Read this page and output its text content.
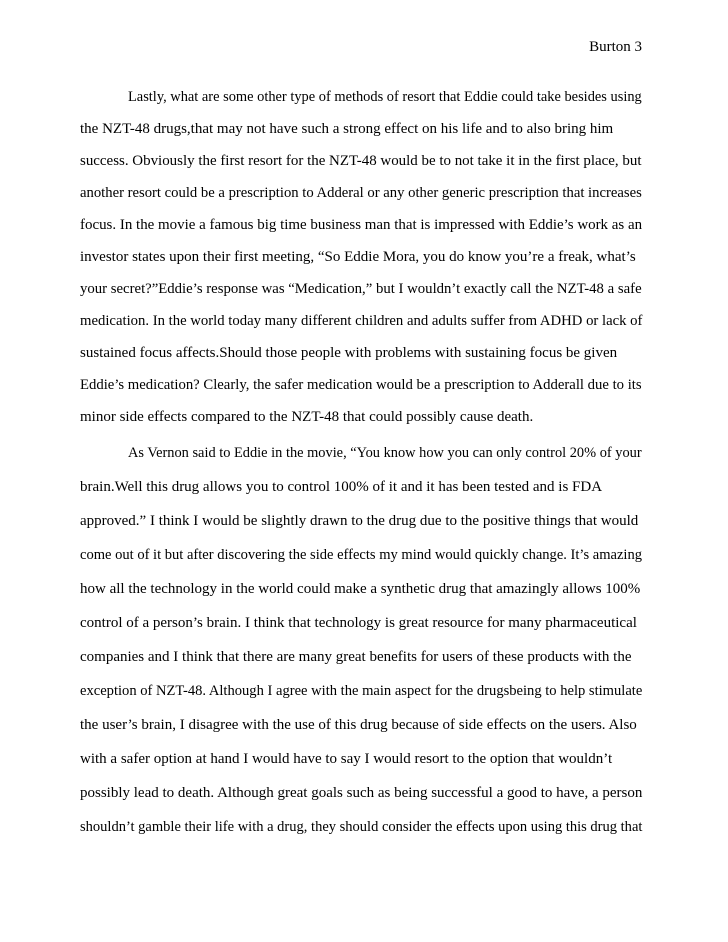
Burton 3
Lastly, what are some other type of methods of resort that Eddie could take besides using
the NZT-48 drugs,that may not have such a strong effect on his life and to also bring him
success. Obviously the first resort for the NZT-48 would be to not take it in the first place, but
another resort could be a prescription to Adderal or any other generic prescription that increases
focus. In the movie a famous big time business man that is impressed with Eddie’s work as an
investor states upon their first meeting, “So Eddie Mora, you do know you’re a freak, what’s
your secret?”Eddie’s response was “Medication,” but I wouldn’t exactly call the NZT-48 a safe
medication. In the world today many different children and adults suffer from ADHD or lack of
sustained focus affects.Should those people with problems with sustaining focus be given
Eddie’s medication? Clearly, the safer medication would be a prescription to Adderall due to its
minor side effects compared to the NZT-48 that could possibly cause death.
As Vernon said to Eddie in the movie, “You know how you can only control 20% of your
brain.Well this drug allows you to control 100% of it and it has been tested and is FDA
approved.” I think I would be slightly drawn to the drug due to the positive things that would
come out of it but after discovering the side effects my mind would quickly change. It’s amazing
how all the technology in the world could make a synthetic drug that amazingly allows 100%
control of a person’s brain. I think that technology is great resource for many pharmaceutical
companies and I think that there are many great benefits for users of these products with the
exception of NZT-48. Although I agree with the main aspect for the drugsbeing to help stimulate
the user’s brain, I disagree with the use of this drug because of side effects on the users. Also
with a safer option at hand I would have to say I would resort to the option that wouldn’t
possibly lead to death. Although great goals such as being successful a good to have, a person
shouldn’t gamble their life with a drug, they should consider the effects upon using this drug that
